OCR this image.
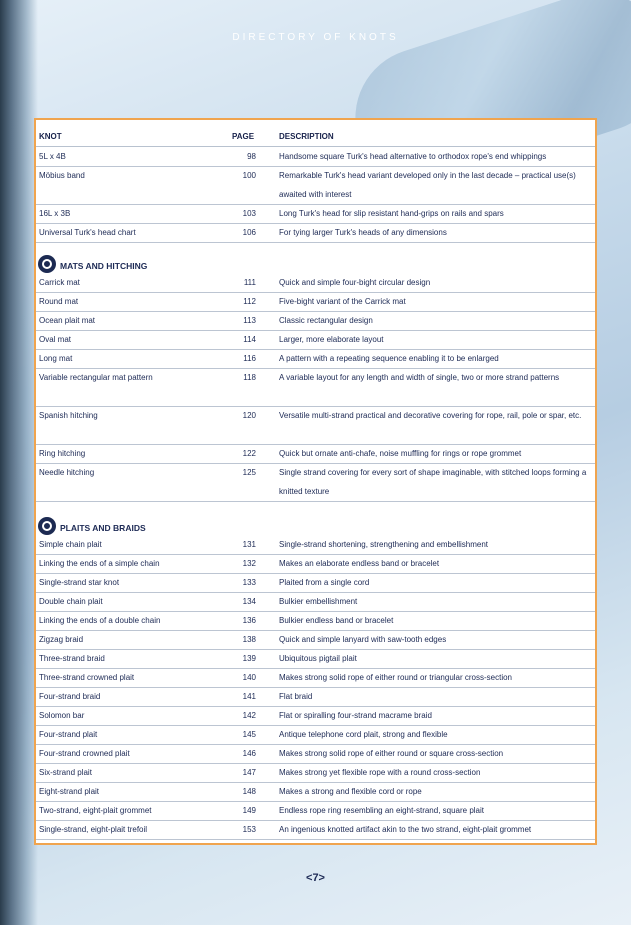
DIRECTORY OF KNOTS
KNOT	PAGE	DESCRIPTION
5L x 4B	98	Handsome square Turk's head alternative to orthodox rope's end whippings
Möbius band	100	Remarkable Turk's head variant developed only in the last decade – practical use(s) awaited with interest
16L x 3B	103	Long Turk's head for slip resistant hand-grips on rails and spars
Universal Turk's head chart	106	For tying larger Turk's heads of any dimensions
MATS AND HITCHING
Carrick mat	111	Quick and simple four-bight circular design
Round mat	112	Five-bight variant of the Carrick mat
Ocean plait mat	113	Classic rectangular design
Oval mat	114	Larger, more elaborate layout
Long mat	116	A pattern with a repeating sequence enabling it to be enlarged
Variable rectangular mat pattern	118	A variable layout for any length and width of single, two or more strand patterns
Spanish hitching	120	Versatile multi-strand practical and decorative covering for rope, rail, pole or spar, etc.
Ring hitching	122	Quick but ornate anti-chafe, noise muffling for rings or rope grommet
Needle hitching	125	Single strand covering for every sort of shape imaginable, with stitched loops forming a knitted texture
PLAITS AND BRAIDS
Simple chain plait	131	Single-strand shortening, strengthening and embellishment
Linking the ends of a simple chain	132	Makes an elaborate endless band or bracelet
Single-strand star knot	133	Plaited from a single cord
Double chain plait	134	Bulkier embellishment
Linking the ends of a double chain	136	Bulkier endless band or bracelet
Zigzag braid	138	Quick and simple lanyard with saw-tooth edges
Three-strand braid	139	Ubiquitous pigtail plait
Three-strand crowned plait	140	Makes strong solid rope of either round or triangular cross-section
Four-strand braid	141	Flat braid
Solomon bar	142	Flat or spiralling four-strand macrame braid
Four-strand plait	145	Antique telephone cord plait, strong and flexible
Four-strand crowned plait	146	Makes strong solid rope of either round or square cross-section
Six-strand plait	147	Makes strong yet flexible rope with a round cross-section
Eight-strand plait	148	Makes a strong and flexible cord or rope
Two-strand, eight-plait grommet	149	Endless rope ring resembling an eight-strand, square plait
Single-strand, eight-plait trefoil	153	An ingenious knotted artifact akin to the two strand, eight-plait grommet
<7>
